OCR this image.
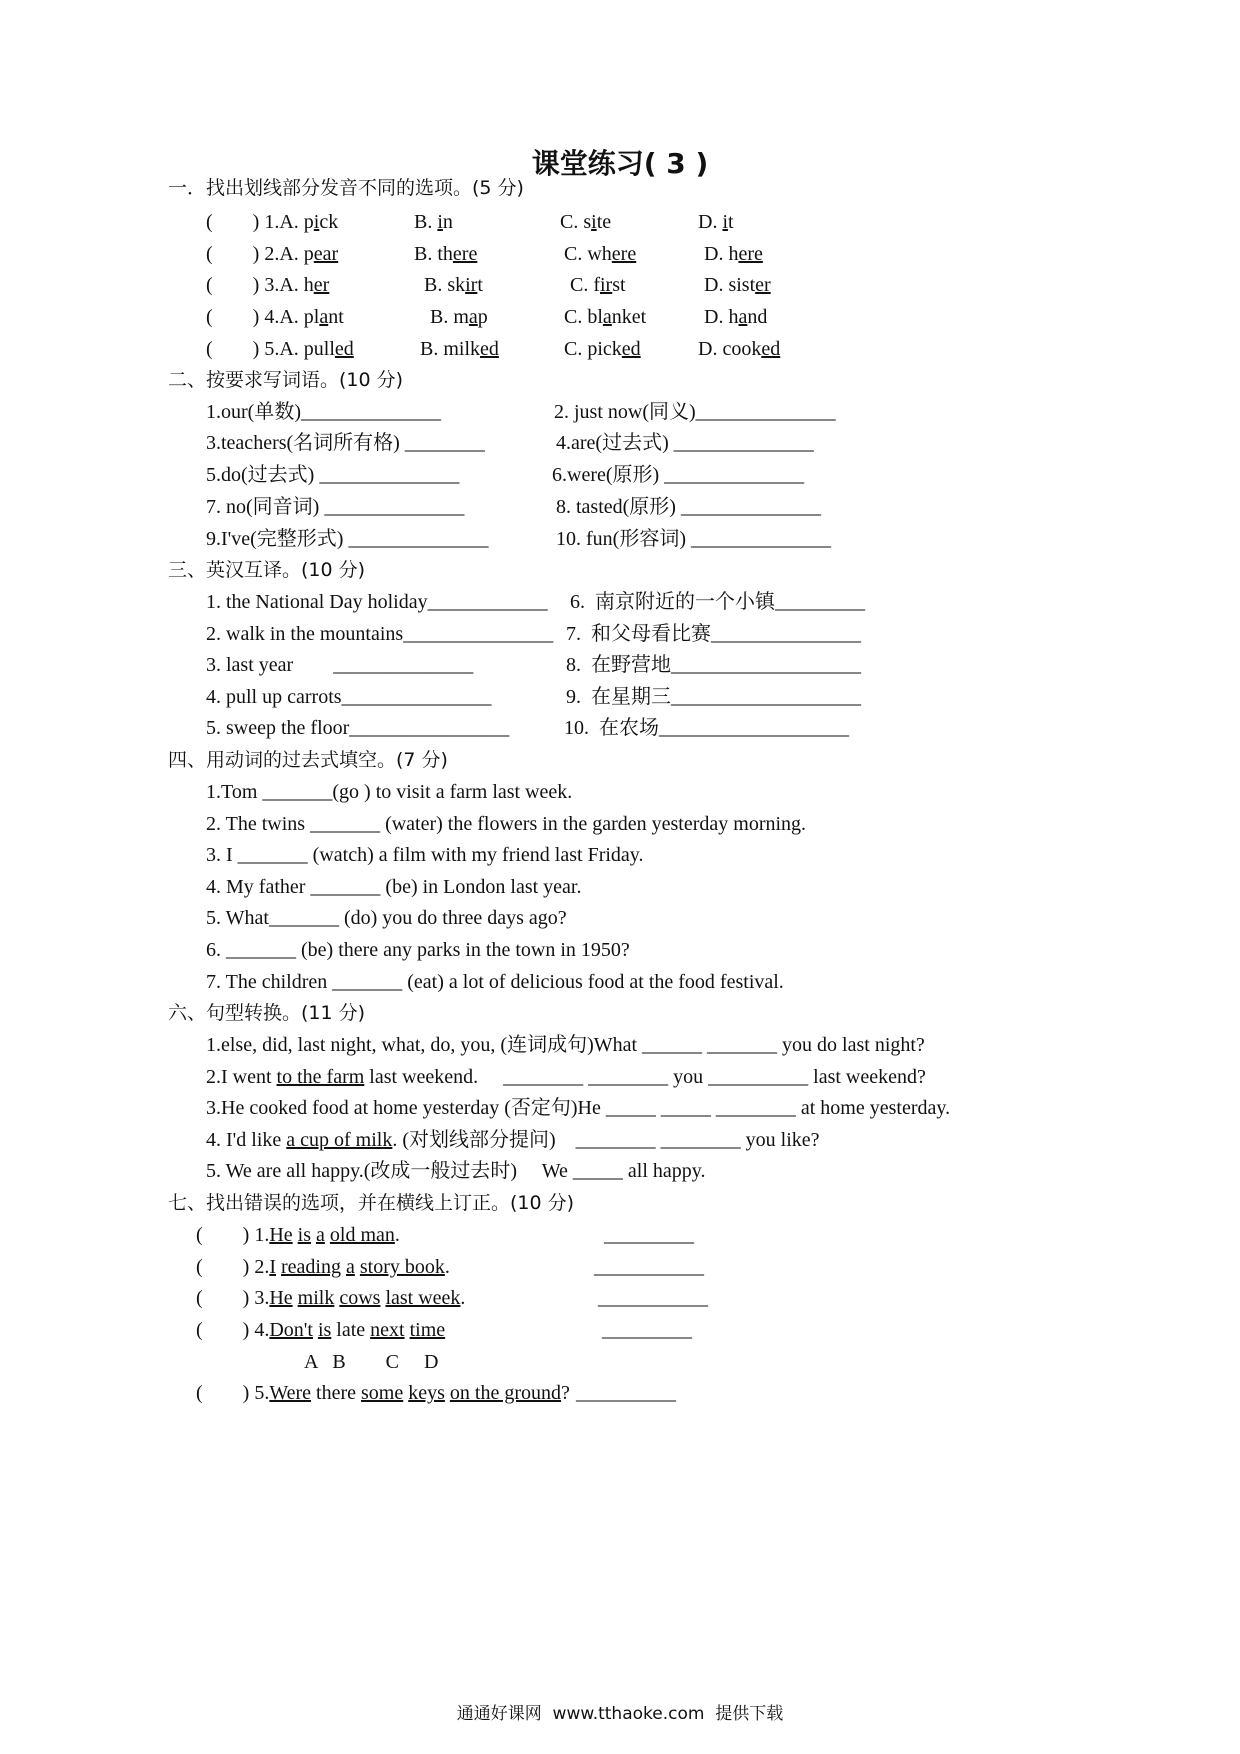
课堂练习( 3 )
一．找出划线部分发音不同的选项。(5 分)
(        ) 1.A. pick	B. in	C. site	D. it
(        ) 2.A. pear	B. there	C. where	D. here
(        ) 3.A. her	B. skirt	C. first	D. sister
(        ) 4.A. plant	B. map	C. blanket	D. hand
(        ) 5.A. pulled	B. milked	C. picked	D. cooked
二、按要求写词语。(10 分)
1.our(单数)______________	2. just now(同义)______________
3.teachers(名词所有格) ________	4.are(过去式) ______________
5.do(过去式) ______________	6.were(原形) ______________
7. no(同音词) ______________	8. tasted(原形) ______________
9.I've(完整形式) ______________	10. fun(形容词) ______________
三、英汉互译。(10 分)
1. the National Day holiday____________ 6.  南京附近的一个小镇_________
2. walk in the mountains_______________ 7.  和父母看比赛_______________
3. last year        ______________	8.  在野营地___________________
4. pull up carrots_______________	9.  在星期三___________________
5. sweep the floor________________	10.  在农场___________________
四、用动词的过去式填空。(7 分)
1.Tom _______(go ) to visit a farm last week.
2. The twins _______ (water) the flowers in the garden yesterday morning.
3. I _______ (watch) a film with my friend last Friday.
4. My father _______ (be) in London last year.
5. What_______ (do) you do three days ago?
6. _______ (be) there any parks in the town in 1950?
7. The children _______ (eat) a lot of delicious food at the food festival.
六、句型转换。(11 分)
1.else, did, last night, what, do, you, (连词成句)What ______ _______ you do last night?
2.I went to the farm last weekend.     ________ ________ you __________ last weekend?
3.He cooked food at home yesterday (否定句)He _____ _____ ________ at home yesterday.
4. I'd like a cup of milk. (对划线部分提问)    ________ ________ you like?
5. We are all happy.(改成一般过去时)     We _____ all happy.
七、找出错误的选项，并在横线上订正。(10 分)
(        ) 1.He is a old man.	_________
(        ) 2.I reading a story book.	___________
(        ) 3.He milk cows last week.	___________
(        ) 4.Don't is late next time	_________
A   B        C     D
(        ) 5.Were there some keys on the ground? __________
通通好课网  www.tthaoke.com  提供下载
